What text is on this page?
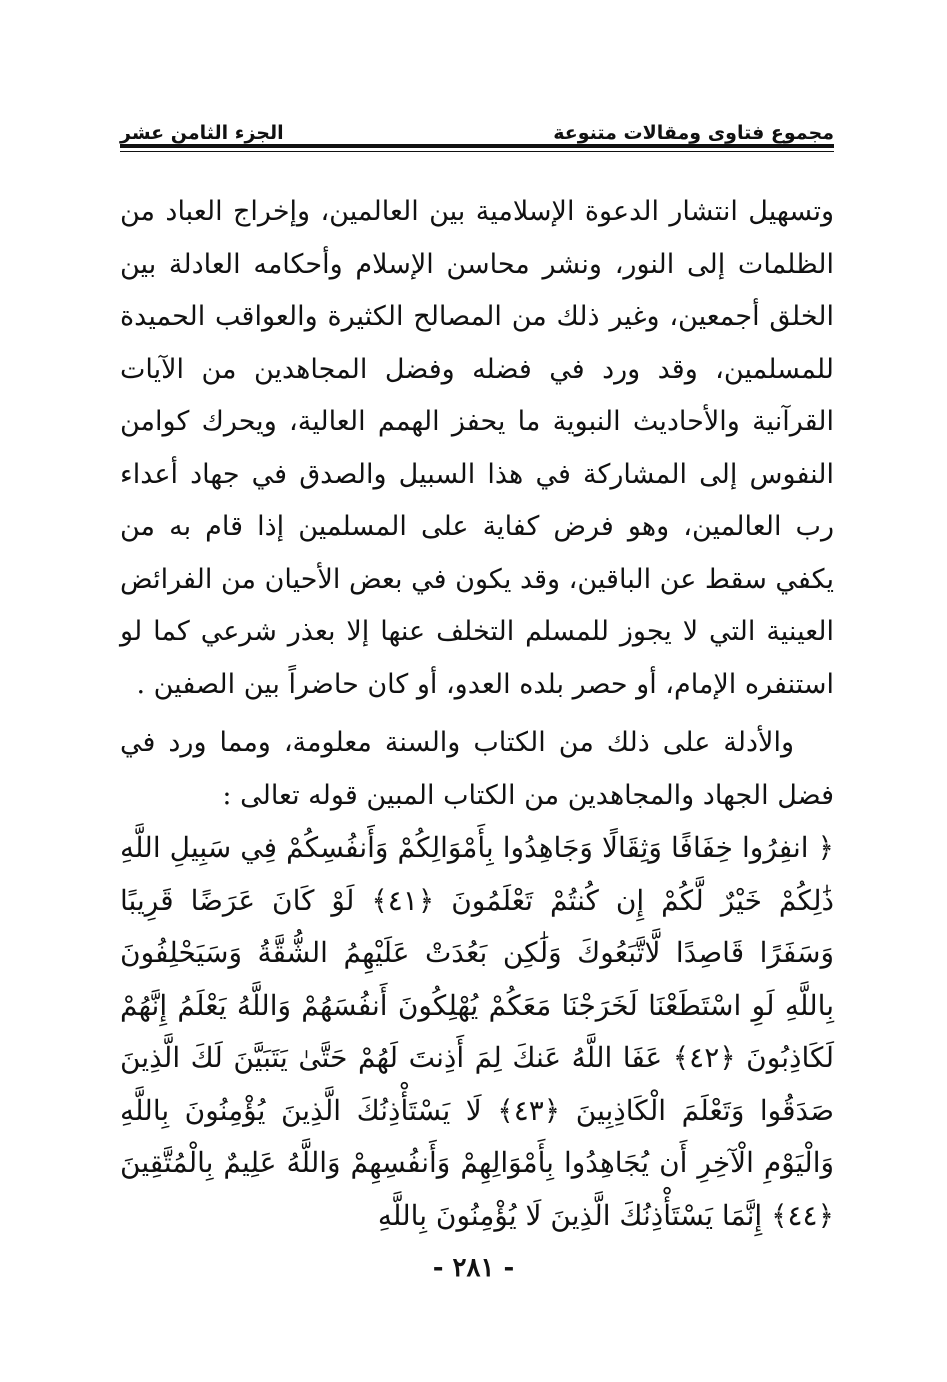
مجموع فتاوى ومقالات متنوعة
الجزء الثامن عشر

وتسهيل انتشار الدعوة الإسلامية بين العالمين، وإخراج العباد من الظلمات إلى النور، ونشر محاسن الإسلام وأحكامه العادلة بين الخلق أجمعين، وغير ذلك من المصالح الكثيرة والعواقب الحميدة للمسلمين، وقد ورد في فضله وفضل المجاهدين من الآيات القرآنية والأحاديث النبوية ما يحفز الهمم العالية، ويحرك كوامن النفوس إلى المشاركة في هذا السبيل والصدق في جهاد أعداء رب العالمين، وهو فرض كفاية على المسلمين إذا قام به من يكفي سقط عن الباقين، وقد يكون في بعض الأحيان من الفرائض العينية التي لا يجوز للمسلم التخلف عنها إلا بعذر شرعي كما لو استنفره الإمام، أو حصر بلده العدو، أو كان حاضراً بين الصفين .

والأدلة على ذلك من الكتاب والسنة معلومة، ومما ورد في فضل الجهاد والمجاهدين من الكتاب المبين قوله تعالى :

﴿ انفِرُوا خِفَافًا وَثِقَالًا وَجَاهِدُوا بِأَمْوَالِكُمْ وَأَنفُسِكُمْ فِي سَبِيلِ اللَّهِ ذَٰلِكُمْ خَيْرٌ لَّكُمْ إِن كُنتُمْ تَعْلَمُونَ ﴿٤١﴾ لَوْ كَانَ عَرَضًا قَرِيبًا وَسَفَرًا قَاصِدًا لَّاتَّبَعُوكَ وَلَٰكِن بَعُدَتْ عَلَيْهِمُ الشُّقَّةُ وَسَيَحْلِفُونَ بِاللَّهِ لَوِ اسْتَطَعْنَا لَخَرَجْنَا مَعَكُمْ يُهْلِكُونَ أَنفُسَهُمْ وَاللَّهُ يَعْلَمُ إِنَّهُمْ لَكَاذِبُونَ ﴿٤٢﴾ عَفَا اللَّهُ عَنكَ لِمَ أَذِنتَ لَهُمْ حَتَّىٰ يَتَبَيَّنَ لَكَ الَّذِينَ صَدَقُوا وَتَعْلَمَ الْكَاذِبِينَ ﴿٤٣﴾ لَا يَسْتَأْذِنُكَ الَّذِينَ يُؤْمِنُونَ بِاللَّهِ وَالْيَوْمِ الْآخِرِ أَن يُجَاهِدُوا بِأَمْوَالِهِمْ وَأَنفُسِهِمْ وَاللَّهُ عَلِيمٌ بِالْمُتَّقِينَ ﴿٤٤﴾ إِنَّمَا يَسْتَأْذِنُكَ الَّذِينَ لَا يُؤْمِنُونَ بِاللَّهِ

- ٢٨١ -
